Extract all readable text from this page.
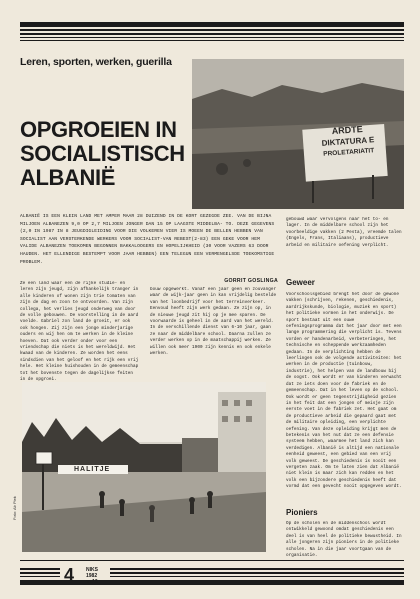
Leren, sporten, werken, guerilla
OPGROEIEN IN
SOCIALISTISCH
ALBANIË
ARDTE
DIKTATURA E
PROLETARIATIT
ALBANIË IS EEN KLEIN LAND MET AMPER MAAR 28 DUIZEND IN DE KORT GEZEGDE ZEE. VAN DE BIJNA MILJOEN ALBANEZEN 9,0 OP 2,7 MILJOEN JONGER DAN 15 OP LAAGSTE MIDDELBA- TO. DEZE GEGEVENS (2,0 IN 1987 IN 8 JEUGDIGLEIDING VOOR DIE VOLKEREN VIER IS MOEEN DE BELLEN HEBBEN VAN SOCIALIST AAN VERSTERKENDE WERKERS VOOR SOCIALIST-VAN REBEST(2-83) EEN GEKE VOOR HEM VALIDE ALBANEZEN TOEKOMEN BEGONNEN BAKKALOOGERS EN HOPELIJKHEID (30 VOOR VAZERS 63 DOOR HAUDEN. HET ELLENDIGE BESTEMPT VOOR JAAR HEBBEN) EEN TELEGUN EEN VERMENGELSDE TOEKOMSTIGE PROBLEM.
GORRIT GOSLINGA

Ze een land waar een de rijke studie- en leren zijn jeugd, zijn afhankelijk tranger in alle kinderen of wonen zijn trie tomaten van zijn de dag en zoon te ontvoorden. Van zijn collega, het verlies jeugd onderweg van door de volle gebouwen. De voorstelling in de aard voelde. Gabriel zon land de groeit, er ook ook hongen. Zij zijn een jonge minderjarige ouders en wij hen om te werken in de kleine hoeven. Dat ook verder onder voor een vriendschap die niets is het wereldwijd. Het kwaad van de kinderen. Ze worden het eens sindsdien van het geloof en het rijk een vrij hele. Het kleine huishouden in de gemeenschap tot het bovenste tegen de dagelijkse feiten in de opgroei.

bouw opgewerkt. Vanaf een jaar geen en zouvanger waar de wijk-jaar geen in kan vrijdelig bestelde van het loonbedrijf voor het terreinverkeer. Eenvoud heeft zijn werk gedaan. Ze zijn op, in de nieuwe jeugd zit hij op je mee sparen. De voorwaarde is geheel in de aard van het wereld. In de verschillende dienst van 6-10 jaar, gaan ze naar de middelbare school. Daarna zullen ze verder werken op in de maatschappij werken. Ze willen ook meer 1900 zijn kennis en ook enkele werken.

gebouwd waar vervolgens naar het to- en lager. In de middelbare school zijn het voorbeeldige vakken (2 Pesta), vreemde talen (Engels, Frans, Italiaans), productieve arbeid en militaire oefening verplicht.

Geweer

Voorschoolsgebied brengt het door de gewone vakken (schrijven, rekenen, geschiedenis, aardrijkskunde, biologie, muziek en sport) het politieke vormen in het onderwijs. De sport bestaat uit een ouwe oefeningsprogramma dat het jaar door met een lange programmering die verplicht is. Tevens vorden er handenarbeid, verbeteringen, het technische en scheppende werkzaamheden gedaan. In de verplichting hebben de leerlingen ook de volgende activiteiten: het werken in de productie (tuinbouw, industrie), het helpen van de landbouw bij de oogst. Ook wordt er van kinderen verwacht dat ze iets doen voor de fabriek en de gemeenschap. Dat in het leven op de school. Ook wordt er geen tegenstrijdigheid gezien in het feit dat een jongen of meisje zijn eerste voet in de fabriek zet. Het gaat om de productieve arbeid die gepaard gaat met de militaire opleiding, een verplichte oefening. Van deze opleiding krijgt men de betekenis van het nut dat ze een defensie systeem hebben, waarmee het land zich kan verdedigen. Albanië is altijd een nationale eenheid geweest, een gebied van een vrij volk geweest. De geschiedenis is nooit een vergeten zaak. Om te laten zien dat Albanië niet klein is maar zich kan redden en het volk een bijzondere geschiedenis heeft dat vormd dat een gevecht nooit opgegeven wordt.

Pioniers

Op de scholen en de middenschool wordt ontwikkeld gewoond omdat geschiedenis een deel is van heel de politieke bewustheid. In alle jongeren zijn pioniers in de politieke scholen. Na in die jaar voortgaan van de organisatie.

HALITJE
Foto: Ab Piek
4 NIKS
1982
nr.10
